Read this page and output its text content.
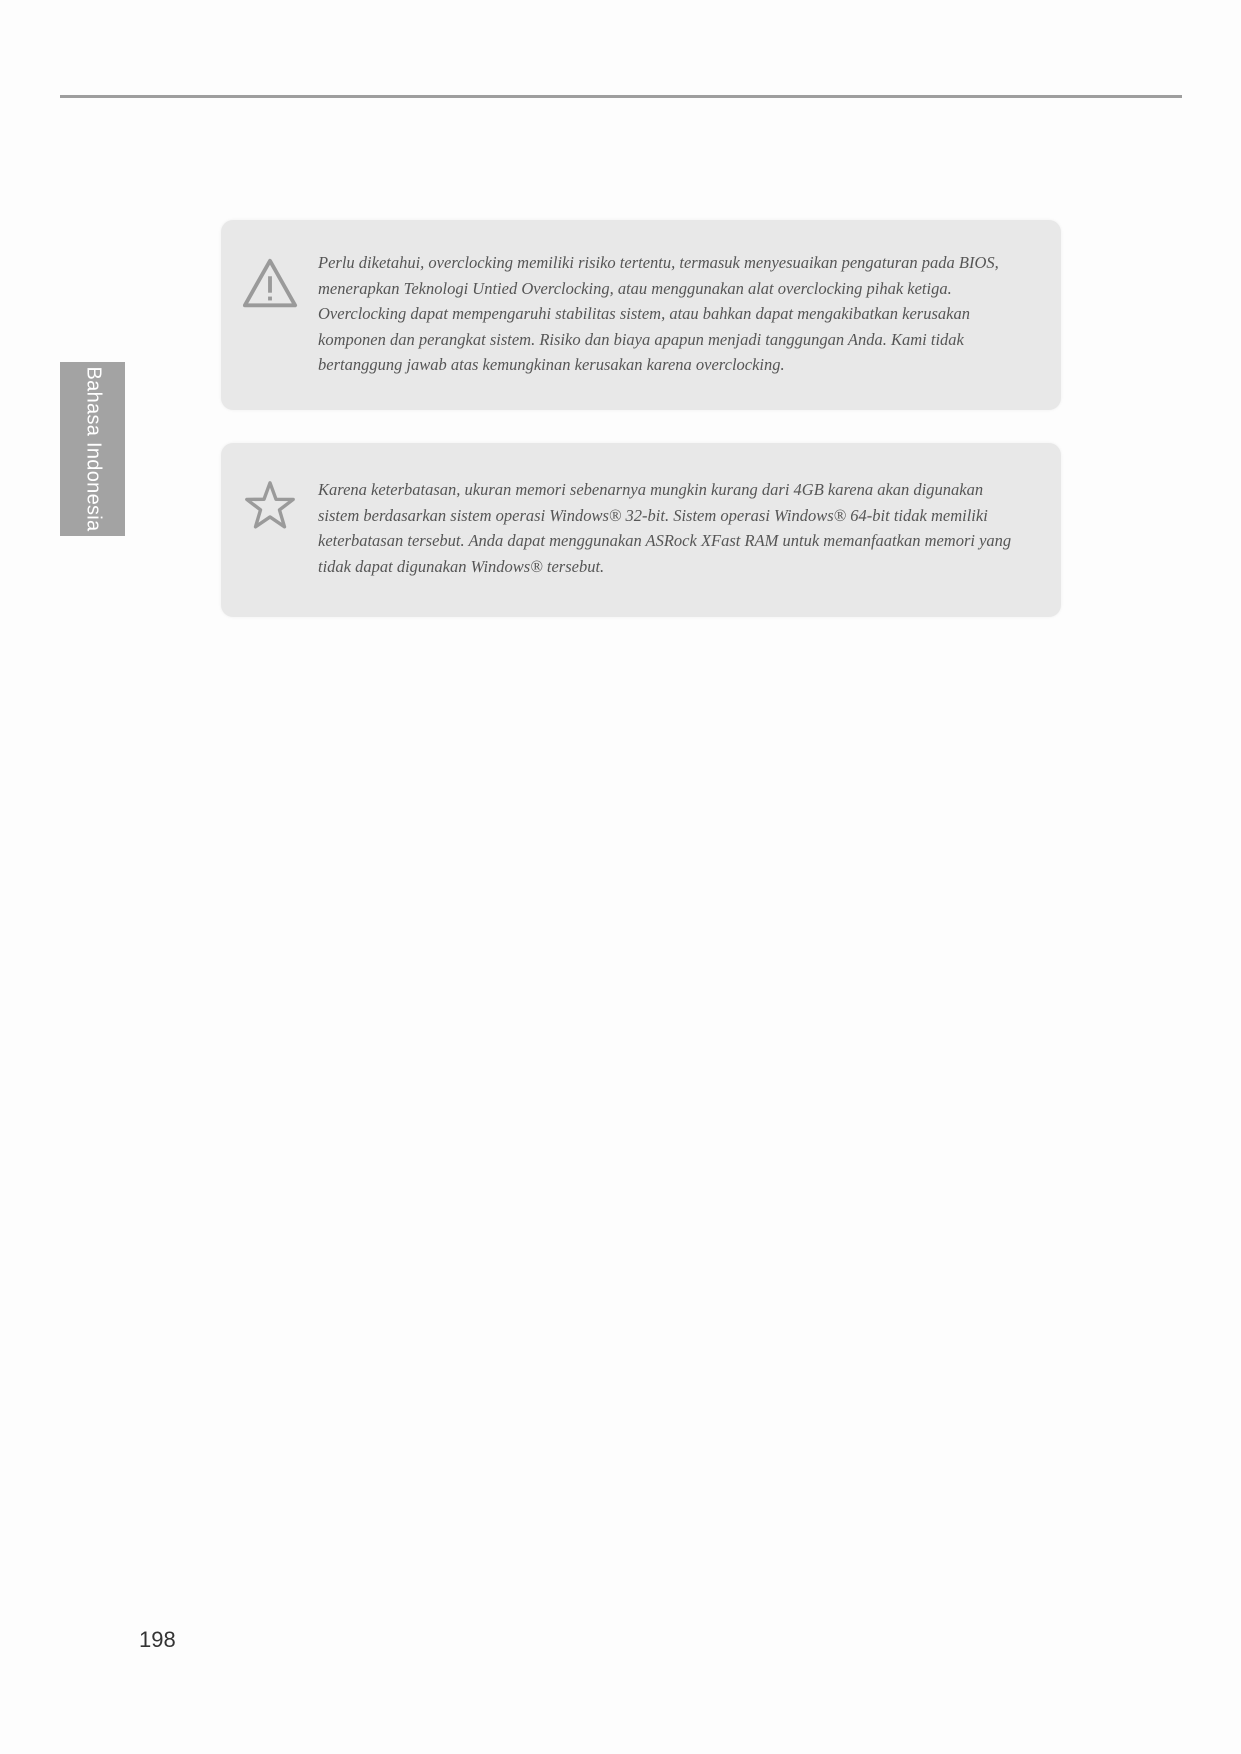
Bahasa Indonesia

Perlu diketahui, overclocking memiliki risiko tertentu, termasuk menyesuaikan pengaturan pada BIOS, menerapkan Teknologi Untied Overclocking, atau menggunakan alat overclocking pihak ketiga. Overclocking dapat mempengaruhi stabilitas sistem, atau bahkan dapat mengakibatkan kerusakan komponen dan perangkat sistem. Risiko dan biaya apapun menjadi tanggungan Anda. Kami tidak bertanggung jawab atas kemungkinan kerusakan karena overclocking.

Karena keterbatasan, ukuran memori sebenarnya mungkin kurang dari 4GB karena akan digunakan sistem berdasarkan sistem operasi Windows® 32-bit. Sistem operasi Windows® 64-bit tidak memiliki keterbatasan tersebut. Anda dapat menggunakan ASRock XFast RAM untuk memanfaatkan memori yang tidak dapat digunakan Windows® tersebut.

198
